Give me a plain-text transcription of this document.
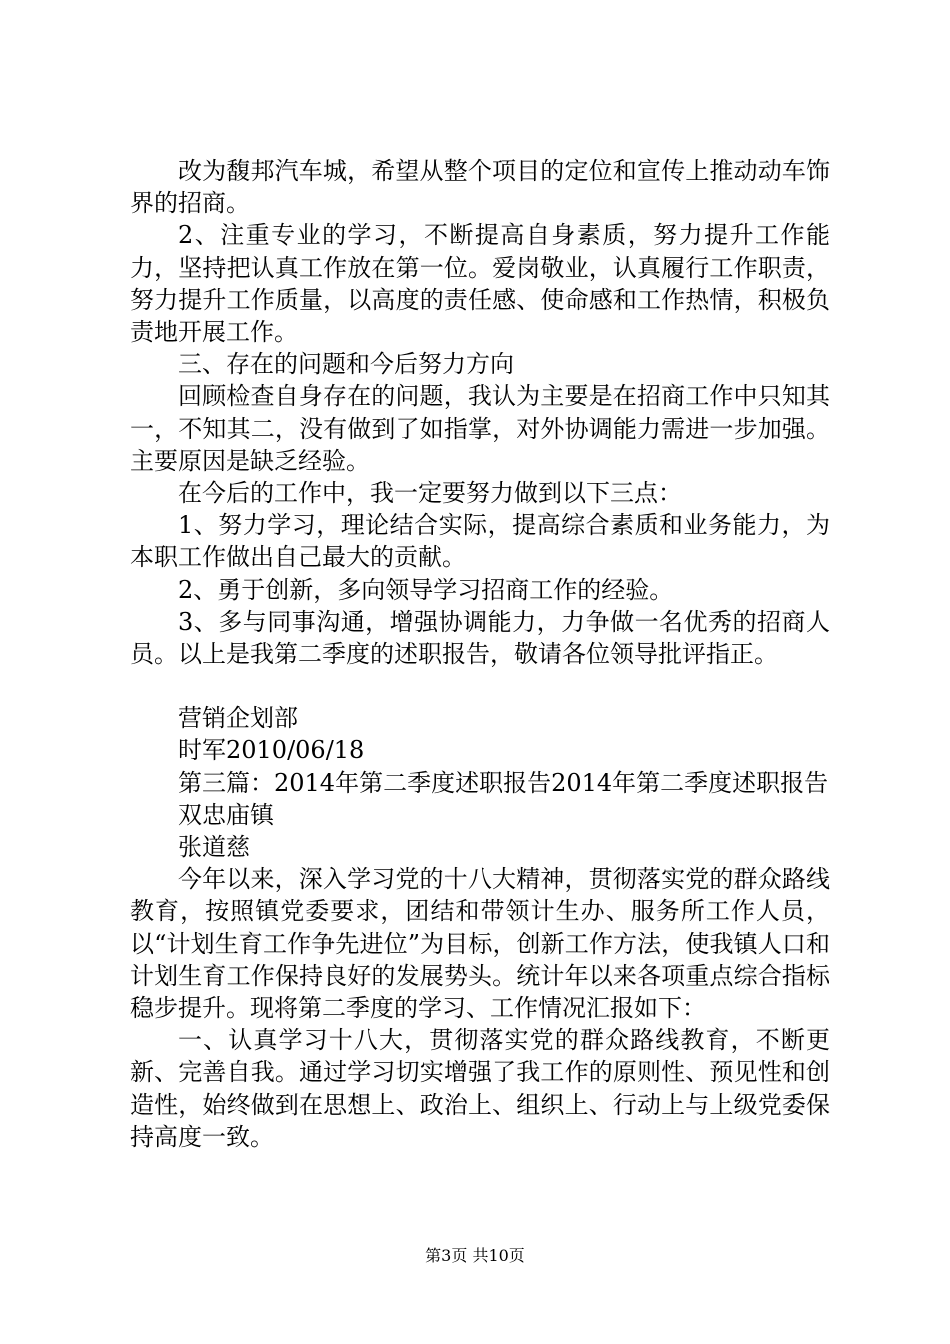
改为馥邦汽车城，希望从整个项目的定位和宣传上推动动车饰界的招商。

2、注重专业的学习，不断提高自身素质，努力提升工作能力，坚持把认真工作放在第一位。爱岗敬业，认真履行工作职责，努力提升工作质量，以高度的责任感、使命感和工作热情，积极负责地开展工作。

三、存在的问题和今后努力方向

回顾检查自身存在的问题，我认为主要是在招商工作中只知其一，不知其二，没有做到了如指掌，对外协调能力需进一步加强。主要原因是缺乏经验。

在今后的工作中，我一定要努力做到以下三点：

1、努力学习，理论结合实际，提高综合素质和业务能力，为本职工作做出自己最大的贡献。

2、勇于创新，多向领导学习招商工作的经验。

3、多与同事沟通，增强协调能力，力争做一名优秀的招商人员。以上是我第二季度的述职报告，敬请各位领导批评指正。

营销企划部

时军2010/06/18

第三篇：2014年第二季度述职报告2014年第二季度述职报告

双忠庙镇

张道慈

今年以来，深入学习党的十八大精神，贯彻落实党的群众路线教育，按照镇党委要求，团结和带领计生办、服务所工作人员，以“计划生育工作争先进位”为目标，创新工作方法，使我镇人口和计划生育工作保持良好的发展势头。统计年以来各项重点综合指标稳步提升。现将第二季度的学习、工作情况汇报如下：

一、认真学习十八大，贯彻落实党的群众路线教育，不断更新、完善自我。通过学习切实增强了我工作的原则性、预见性和创造性，始终做到在思想上、政治上、组织上、行动上与上级党委保持高度一致。

第3页 共10页
